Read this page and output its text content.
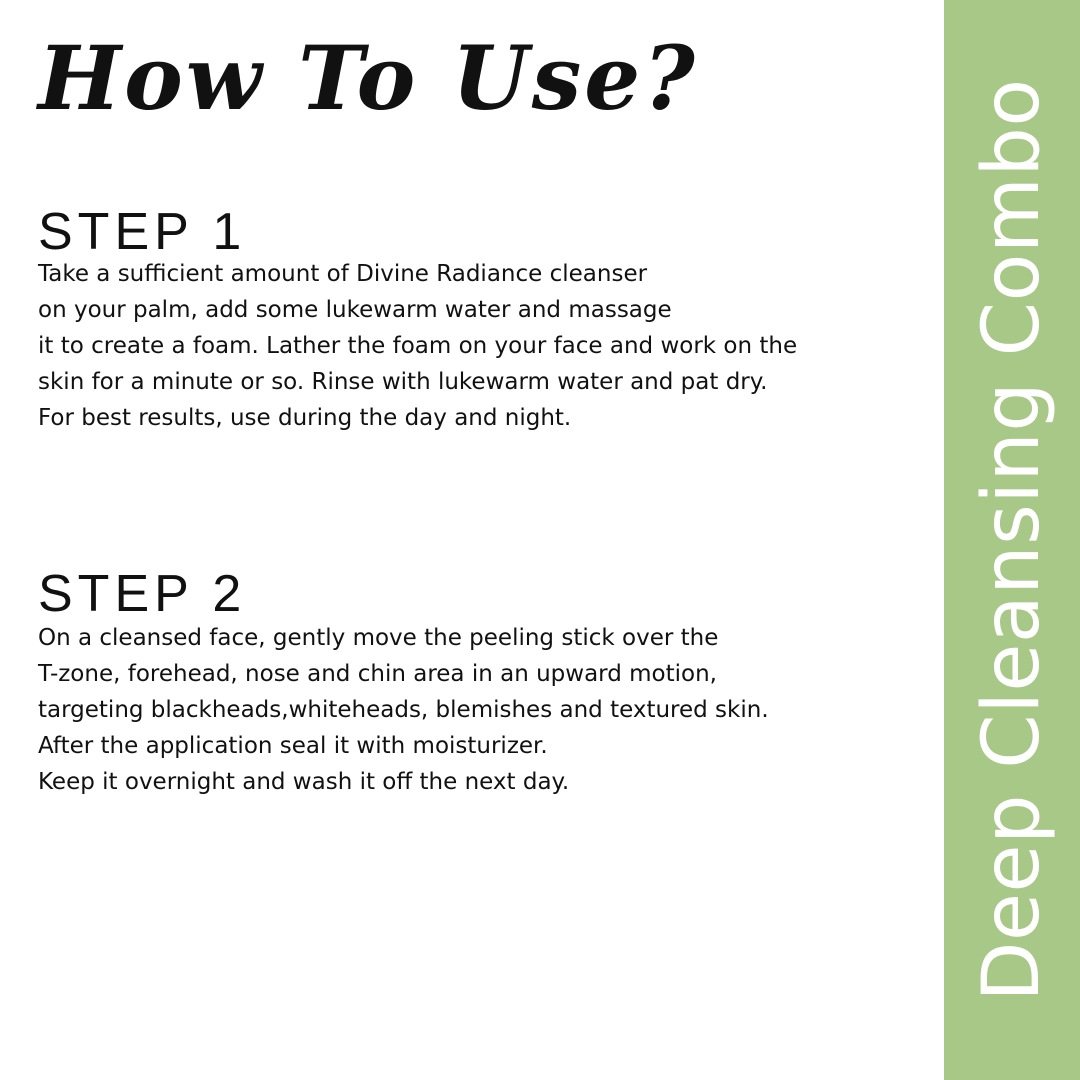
How To Use?
STEP 1
Take a sufficient amount of Divine Radiance cleanser
on your palm, add some lukewarm water and massage
it to create a foam. Lather the foam on your face and work on the
skin for a minute or so. Rinse with lukewarm water and pat dry.
For best results, use during the day and night.
STEP 2
On a cleansed face, gently move the peeling stick over the
T-zone, forehead, nose and chin area in an upward motion,
targeting blackheads,whiteheads, blemishes and textured skin.
After the application seal it with moisturizer.
Keep it overnight and wash it off the next day.	Deep Cleansing Combo
